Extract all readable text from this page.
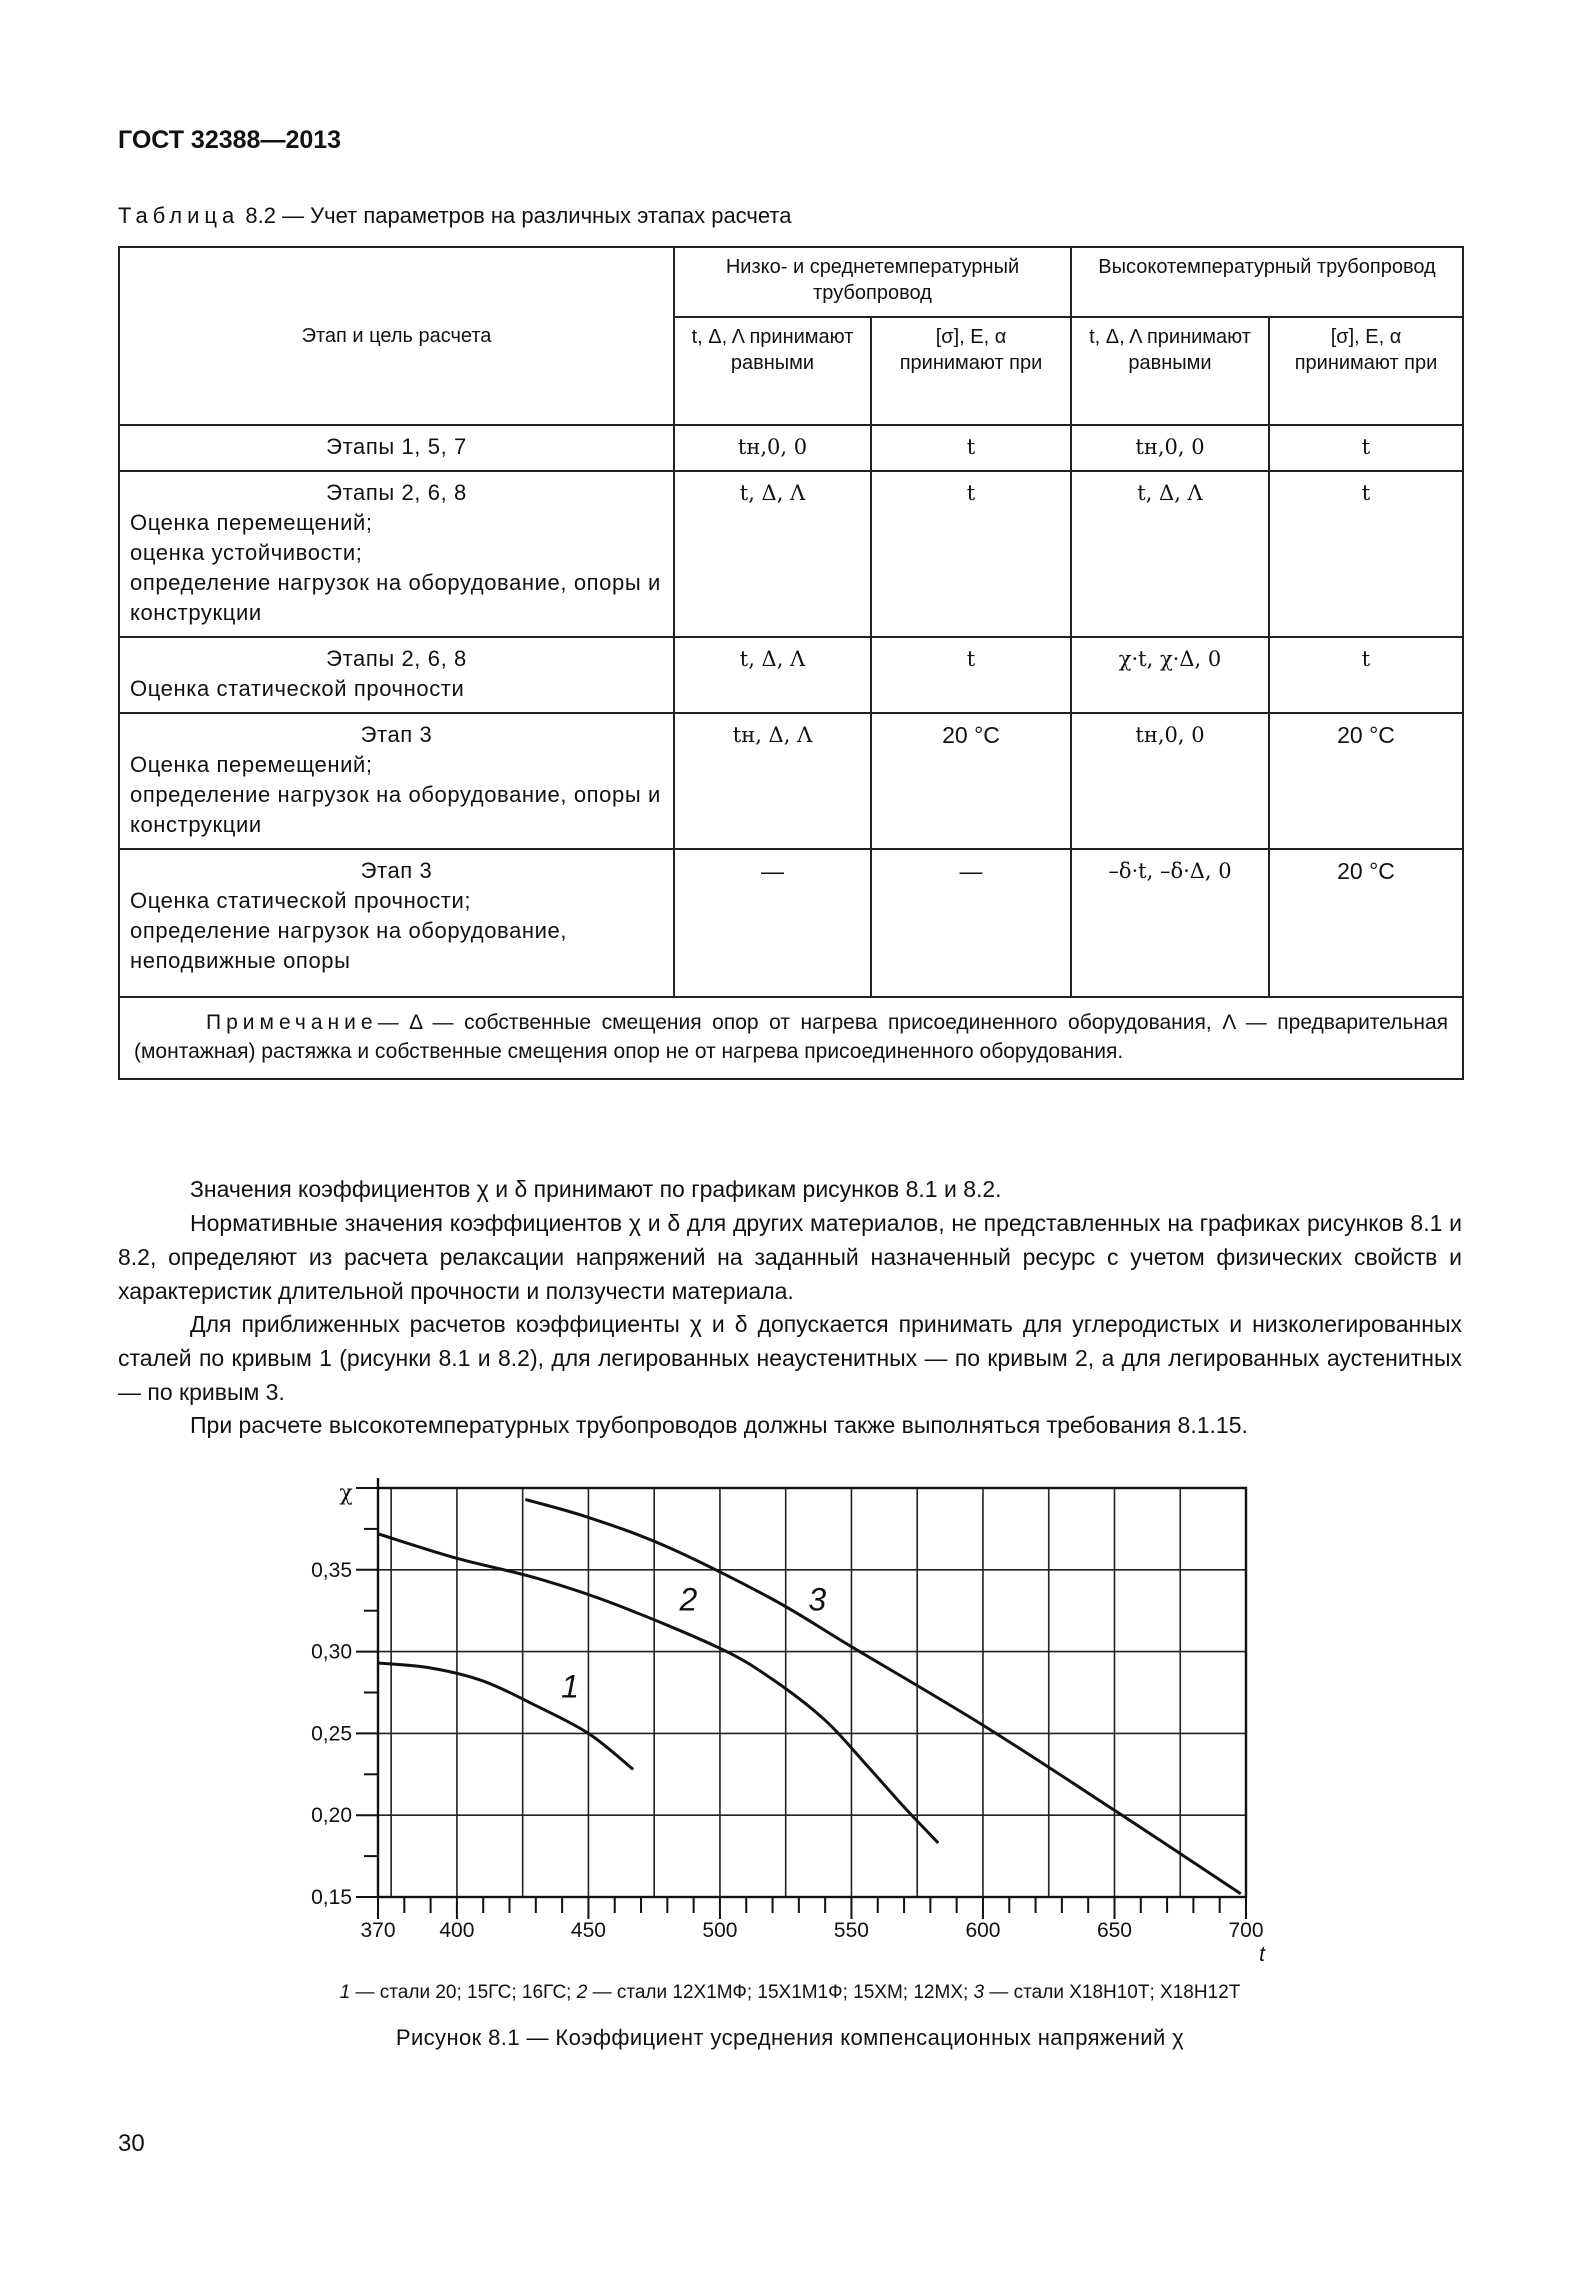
ГОСТ 32388—2013
Таблица 8.2 — Учет параметров на различных этапах расчета
Этап и цель расчета	Низко- и среднетемпературный трубопровод		Высокотемпературный трубопровод	
	t, Δ, Λ принимают равными	[σ], E, α принимают при	t, Δ, Λ принимают равными	[σ], E, α принимают при

Этапы 1, 5, 7	tн,0, 0	t	tн,0, 0	t

Этапы 2, 6, 8
Оценка перемещений;
оценка устойчивости;
определение нагрузок на оборудование, опоры и конструкции	t, Δ, Λ	t	t, Δ, Λ	t

Этапы 2, 6, 8
Оценка статической прочности	t, Δ, Λ	t	χ·t, χ·Δ, 0	t

Этап 3
Оценка перемещений;
определение нагрузок на оборудование, опоры и конструкции	tн, Δ, Λ	20 °C	tн,0, 0	20 °C

Этап 3
Оценка статической прочности;
определение нагрузок на оборудование, неподвижные опоры	—	—	–δ·t, –δ·Δ, 0	20 °C
Примечание— Δ — собственные смещения опор от нагрева присоединенного оборудования, Λ — предварительная (монтажная) растяжка и собственные смещения опор не от нагрева присоединенного оборудования.				

Значения коэффициентов χ и δ принимают по графикам рисунков 8.1 и 8.2.

Нормативные значения коэффициентов χ и δ для других материалов, не представленных на графиках рисунков 8.1 и 8.2, определяют из расчета релаксации напряжений на заданный назначенный ресурс с учетом физических свойств и характеристик длительной прочности и ползучести материала.

Для приближенных расчетов коэффициенты χ и δ допускается принимать для углеродистых и низколегированных сталей по кривым 1 (рисунки 8.1 и 8.2), для легированных неаустенитных — по кривым 2, а для легированных аустенитных — по кривым 3.

При расчете высокотемпературных трубопроводов должны также выполняться требования 8.1.15.

0,15
0,20
0,25
0,30
0,35
370 400	450	500	550	600	650	700
χ
t
1
2	3
1 — стали 20; 15ГС; 16ГС; 2 — стали 12Х1МФ; 15Х1М1Ф; 15ХМ; 12МХ; 3 — стали Х18Н10Т; Х18Н12Т
Рисунок 8.1 — Коэффициент усреднения компенсационных напряжений χ
30
